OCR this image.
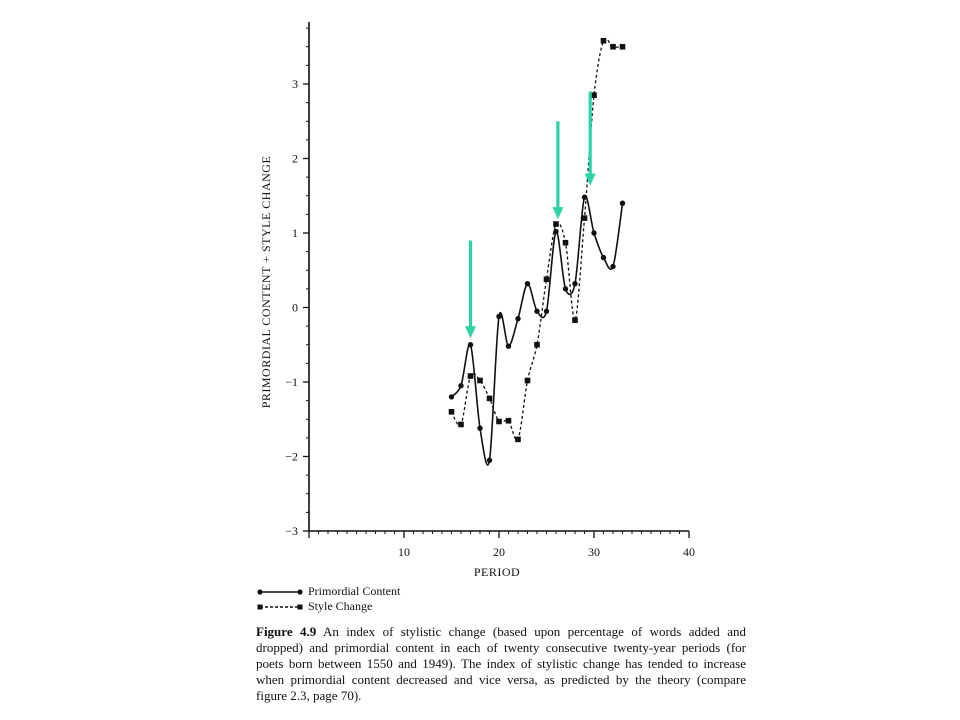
−3
−2
−1
0
1
2
3
10	20	30	40
PRIMORDIAL CONTENT + STYLE CHANGE
PERIOD
Primordial Content
Style Change
Figure 4.9 An index of stylistic change (based upon percentage of words added and
dropped) and primordial content in each of twenty consecutive twenty-year periods (for
poets born between 1550 and 1949). The index of stylistic change has tended to increase
when primordial content decreased and vice versa, as predicted by the theory (compare
figure 2.3, page 70).
